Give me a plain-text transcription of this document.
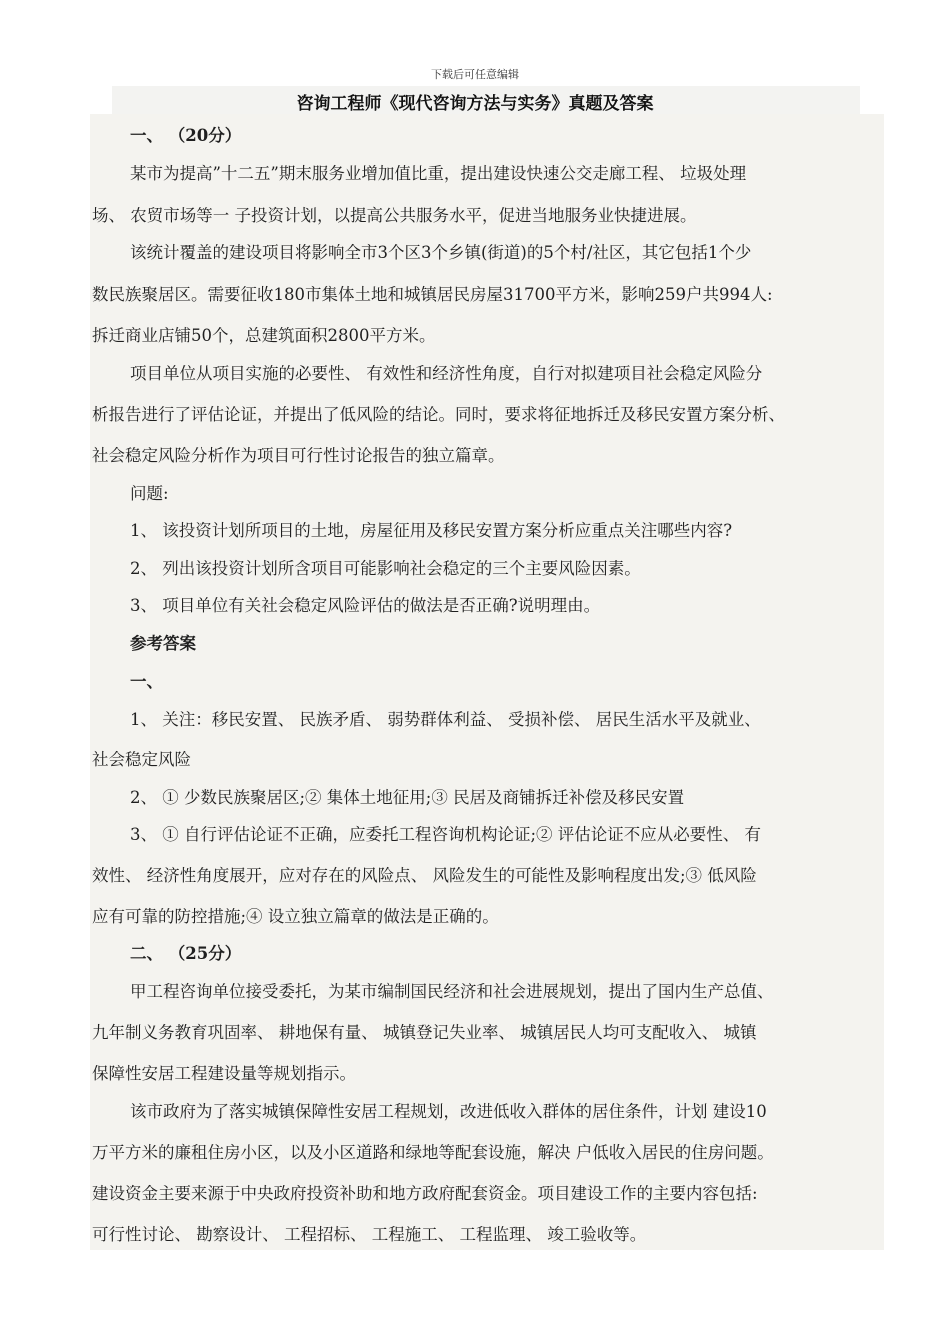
下载后可任意编辑
咨询工程师《现代咨询方法与实务》真题及答案
一、 （20分）
某市为提高”十二五”期末服务业增加值比重，提出建设快速公交走廊工程、 垃圾处理
场、 农贸市场等一 子投资计划，以提高公共服务水平，促进当地服务业快捷进展。
该统计覆盖的建设项目将影响全市3个区3个乡镇(街道)的5个村/社区，其它包括1个少
数民族聚居区。需要征收180市集体土地和城镇居民房屋31700平方米，影响259户共994人:
拆迁商业店铺50个，总建筑面积2800平方米。
项目单位从项目实施的必要性、 有效性和经济性角度，自行对拟建项目社会稳定风险分
析报告进行了评估论证，并提出了低风险的结论。同时，要求将征地拆迁及移民安置方案分析、
社会稳定风险分析作为项目可行性讨论报告的独立篇章。
问题:
1、 该投资计划所项目的土地，房屋征用及移民安置方案分析应重点关注哪些内容?
2、 列出该投资计划所含项目可能影响社会稳定的三个主要风险因素。
3、 项目单位有关社会稳定风险评估的做法是否正确?说明理由。
参考答案
一、
1、 关注：移民安置、 民族矛盾、 弱势群体利益、 受损补偿、 居民生活水平及就业、
社会稳定风险
2、 ① 少数民族聚居区;② 集体土地征用;③ 民居及商铺拆迁补偿及移民安置
3、 ① 自行评估论证不正确，应委托工程咨询机构论证;② 评估论证不应从必要性、 有
效性、 经济性角度展开，应对存在的风险点、 风险发生的可能性及影响程度出发;③ 低风险
应有可靠的防控措施;④ 设立独立篇章的做法是正确的。
二、 （25分）
甲工程咨询单位接受委托，为某市编制国民经济和社会进展规划，提出了国内生产总值、
九年制义务教育巩固率、 耕地保有量、 城镇登记失业率、 城镇居民人均可支配收入、 城镇
保障性安居工程建设量等规划指示。
该市政府为了落实城镇保障性安居工程规划，改进低收入群体的居住条件，计划 建设10
万平方米的廉租住房小区，以及小区道路和绿地等配套设施，解决 户低收入居民的住房问题。
建设资金主要来源于中央政府投资补助和地方政府配套资金。项目建设工作的主要内容包括:
可行性讨论、 勘察设计、 工程招标、 工程施工、 工程监理、 竣工验收等。
